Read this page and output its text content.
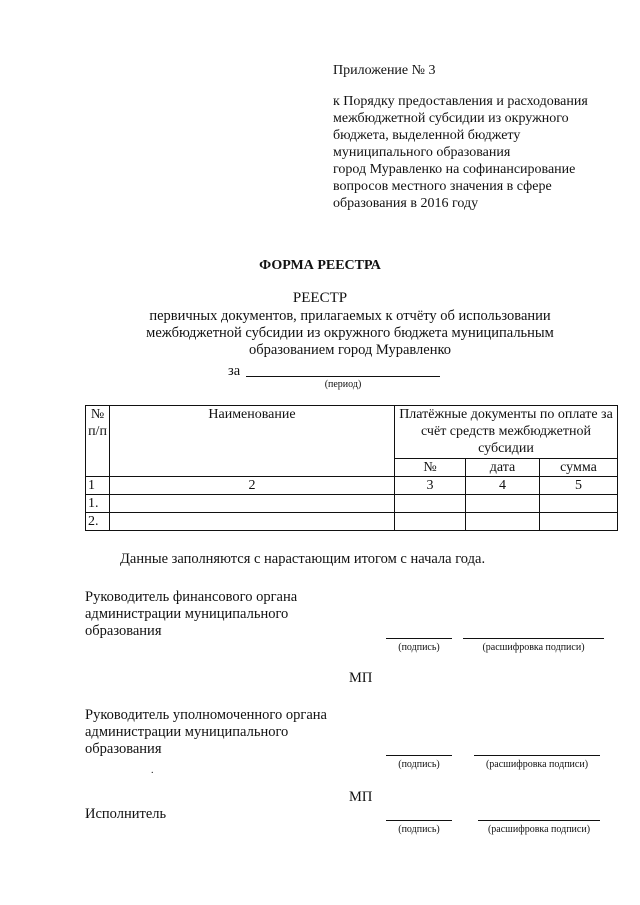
Приложение № 3
к Порядку предоставления и расходования
межбюджетной субсидии из окружного
бюджета, выделенной бюджету
муниципального образования
город Муравленко на софинансирование
вопросов местного значения в сфере
образования в 2016 году
ФОРМА РЕЕСТРА
РЕЕСТР
первичных документов, прилагаемых к отчёту об использовании
межбюджетной субсидии из окружного бюджета муниципальным
образованием город Муравленко
за
(период)
№ п/п	Наименование	Платёжные документы по оплате за счёт средств межбюджетной субсидии		
		№	дата	сумма
1	2	3	4	5
1.				
2.				
Данные заполняются с нарастающим итогом с начала года.
Руководитель финансового органа
администрации муниципального
образования
(подпись)	(расшифровка подписи)
МП
Руководитель уполномоченного органа
администрации муниципального
образования
.
(подпись)	(расшифровка подписи)
МП
Исполнитель
(подпись)	(расшифровка подписи)
